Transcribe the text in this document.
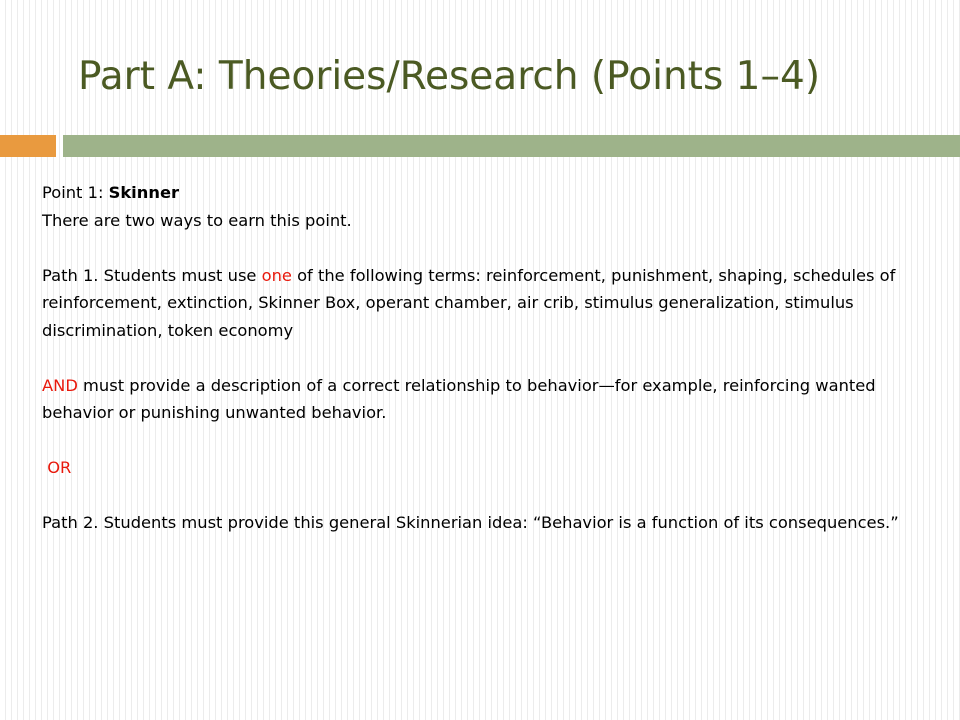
Part A: Theories/Research (Points 1–4)

Point 1: Skinner

There are two ways to earn this point.

Path 1. Students must use one of the following terms: reinforcement, punishment, shaping, schedules of reinforcement, extinction, Skinner Box, operant chamber, air crib, stimulus generalization, stimulus discrimination, token economy

AND must provide a description of a correct relationship to behavior—for example, reinforcing wanted behavior or punishing unwanted behavior.

OR

Path 2. Students must provide this general Skinnerian idea: “Behavior is a function of its consequences.”
